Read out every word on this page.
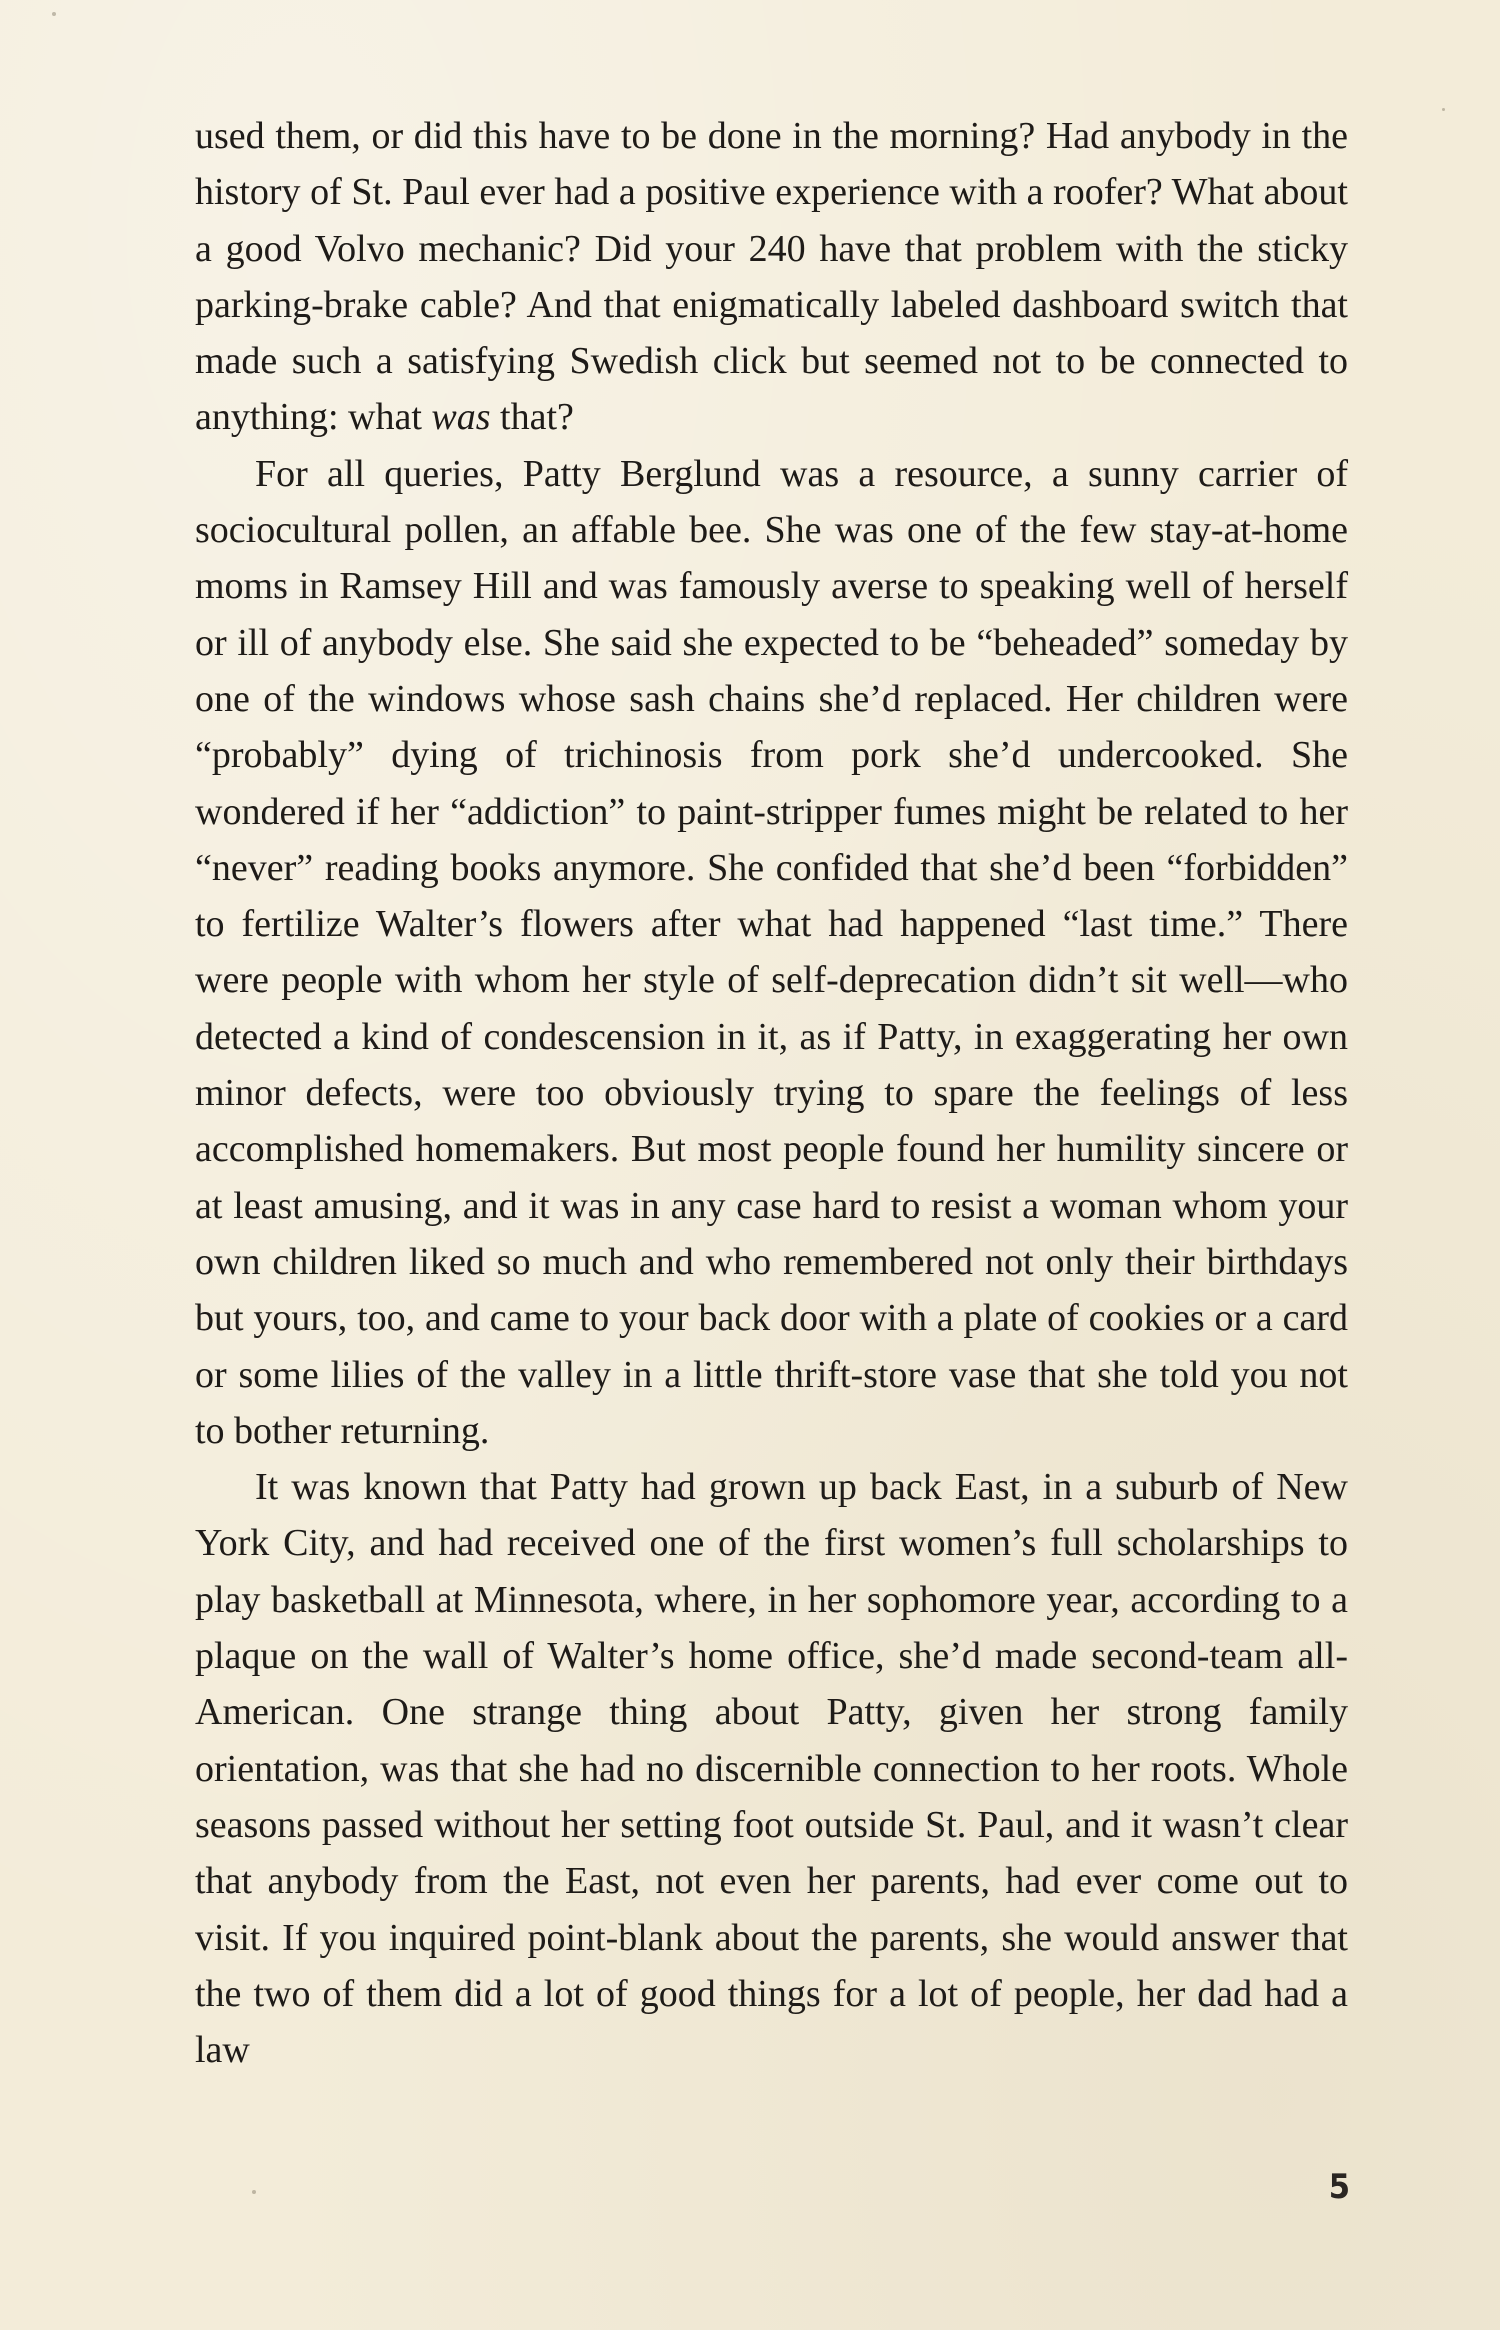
used them, or did this have to be done in the morning? Had anybody in the history of St. Paul ever had a positive experience with a roofer? What about a good Volvo mechanic? Did your 240 have that problem with the sticky parking-brake cable? And that enigmatically labeled dashboard switch that made such a satisfying Swedish click but seemed not to be connected to anything: what was that?

For all queries, Patty Berglund was a resource, a sunny carrier of sociocultural pollen, an affable bee. She was one of the few stay-at-home moms in Ramsey Hill and was famously averse to speaking well of herself or ill of anybody else. She said she expected to be “beheaded” someday by one of the windows whose sash chains she’d replaced. Her children were “probably” dying of trichinosis from pork she’d undercooked. She wondered if her “addiction” to paint-stripper fumes might be related to her “never” reading books anymore. She confided that she’d been “forbidden” to fertilize Walter’s flowers after what had happened “last time.” There were people with whom her style of self-deprecation didn’t sit well—who detected a kind of condescension in it, as if Patty, in exaggerating her own minor defects, were too obviously trying to spare the feelings of less accomplished homemakers. But most people found her humility sincere or at least amusing, and it was in any case hard to resist a woman whom your own children liked so much and who remembered not only their birthdays but yours, too, and came to your back door with a plate of cookies or a card or some lilies of the valley in a little thrift-store vase that she told you not to bother returning.

It was known that Patty had grown up back East, in a suburb of New York City, and had received one of the first women’s full scholarships to play basketball at Minnesota, where, in her sophomore year, according to a plaque on the wall of Walter’s home office, she’d made second-team all-American. One strange thing about Patty, given her strong family orientation, was that she had no discernible connection to her roots. Whole seasons passed without her setting foot outside St. Paul, and it wasn’t clear that anybody from the East, not even her parents, had ever come out to visit. If you inquired point-blank about the parents, she would answer that the two of them did a lot of good things for a lot of people, her dad had a law

5
